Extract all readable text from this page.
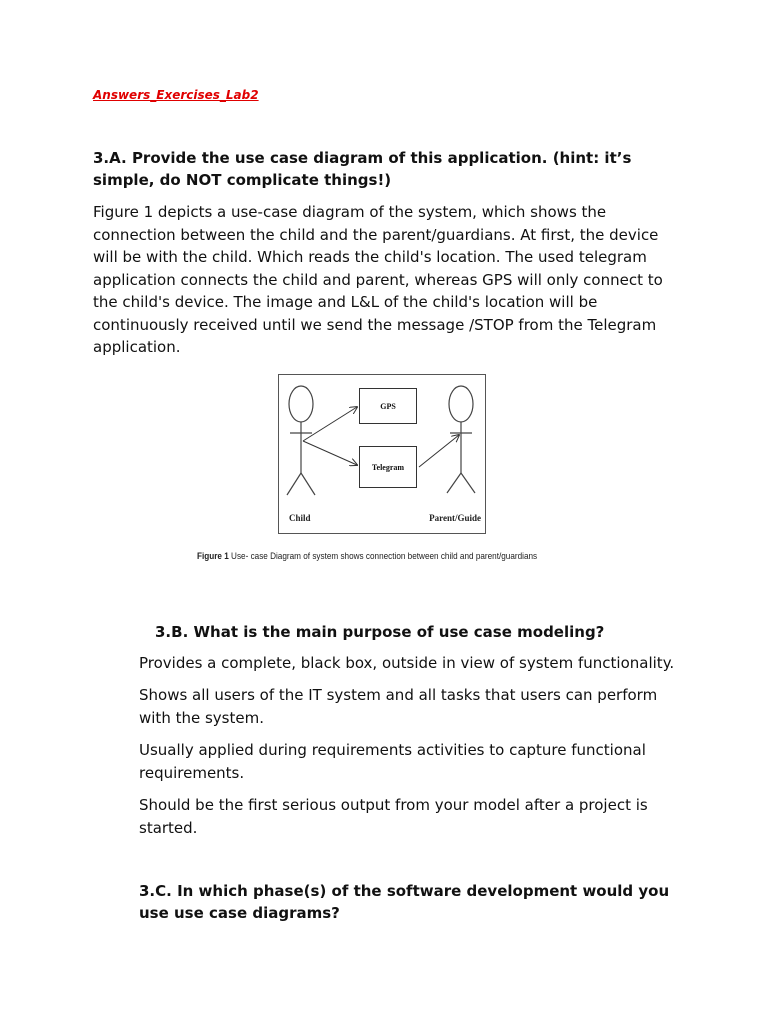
Answers_Exercises_Lab2
3.A. Provide the use case diagram of this application. (hint: it’s simple, do NOT complicate things!)
Figure 1 depicts a use-case diagram of the system, which shows the connection between the child and the parent/guardians. At first, the device will be with the child. Which reads the child's location. The used telegram application connects the child and parent, whereas GPS will only connect to the child's device. The image and L&L of the child's location will be continuously received until we send the message /STOP from the Telegram application.
GPS
Telegram
Child	Parent/Guide
Figure 1 Use- case Diagram of system shows connection between child and parent/guardians
3.B. What is the main purpose of use case modeling?
Provides a complete, black box, outside in view of system functionality.
Shows all users of the IT system and all tasks that users can perform with the system.
Usually applied during requirements activities to capture functional requirements.
Should be the first serious output from your model after a project is started.
3.C. In which phase(s) of the software development would you use use case diagrams?
